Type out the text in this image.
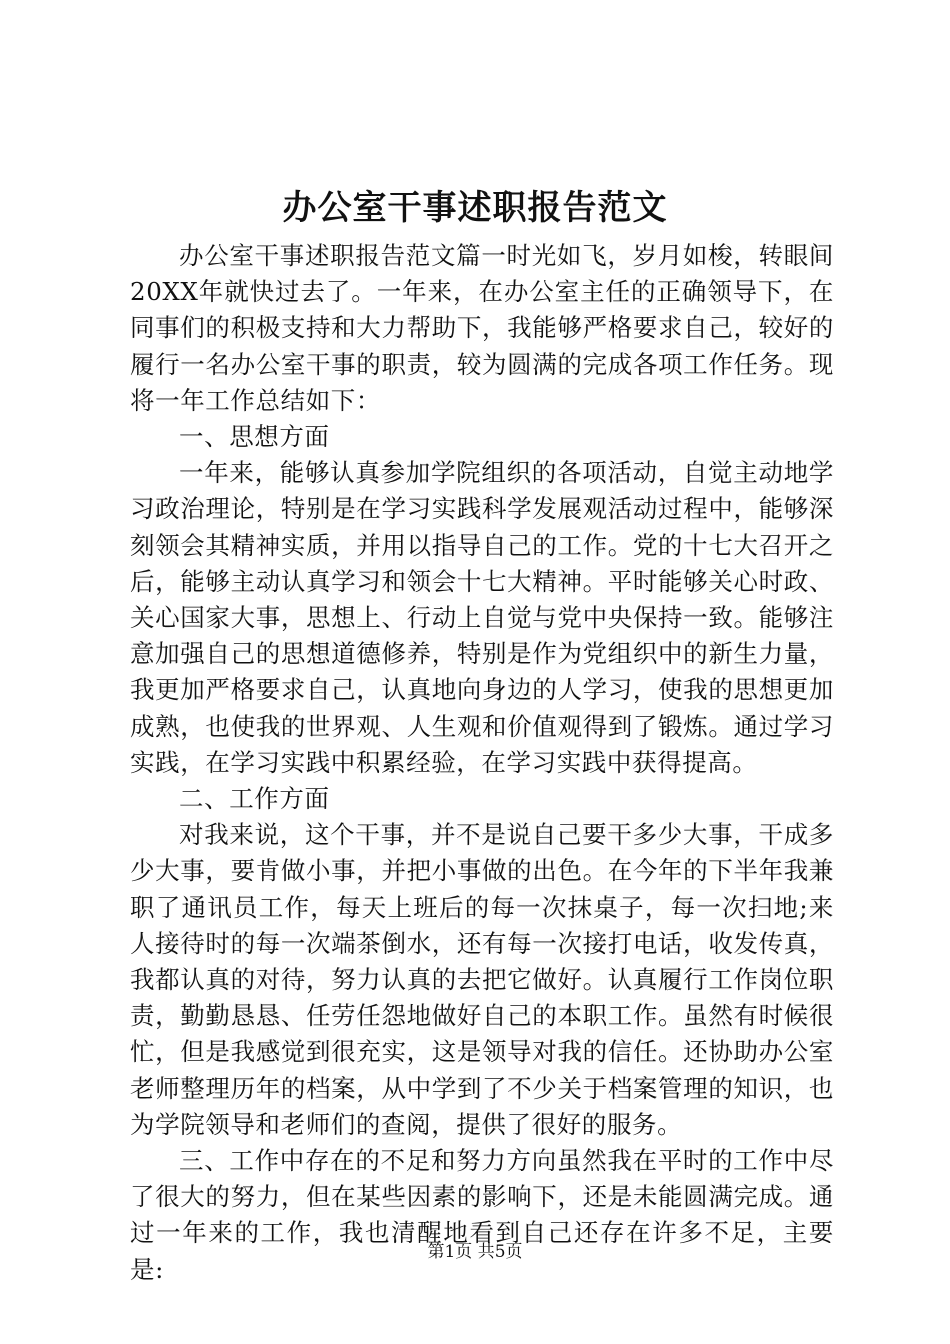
办公室干事述职报告范文

办公室干事述职报告范文篇一时光如飞，岁月如梭，转眼间20XX年就快过去了。一年来，在办公室主任的正确领导下，在同事们的积极支持和大力帮助下，我能够严格要求自己，较好的履行一名办公室干事的职责，较为圆满的完成各项工作任务。现将一年工作总结如下：

一、思想方面

一年来，能够认真参加学院组织的各项活动，自觉主动地学习政治理论，特别是在学习实践科学发展观活动过程中，能够深刻领会其精神实质，并用以指导自己的工作。党的十七大召开之后，能够主动认真学习和领会十七大精神。平时能够关心时政、关心国家大事，思想上、行动上自觉与党中央保持一致。能够注意加强自己的思想道德修养，特别是作为党组织中的新生力量，我更加严格要求自己，认真地向身边的人学习，使我的思想更加成熟，也使我的世界观、人生观和价值观得到了锻炼。通过学习实践，在学习实践中积累经验，在学习实践中获得提高。

二、工作方面

对我来说，这个干事，并不是说自己要干多少大事，干成多少大事，要肯做小事，并把小事做的出色。在今年的下半年我兼职了通讯员工作，每天上班后的每一次抹桌子，每一次扫地;来人接待时的每一次端茶倒水，还有每一次接打电话，收发传真，我都认真的对待，努力认真的去把它做好。认真履行工作岗位职责，勤勤恳恳、任劳任怨地做好自己的本职工作。虽然有时候很忙，但是我感觉到很充实，这是领导对我的信任。还协助办公室老师整理历年的档案，从中学到了不少关于档案管理的知识，也为学院领导和老师们的查阅，提供了很好的服务。

三、工作中存在的不足和努力方向虽然我在平时的工作中尽了很大的努力，但在某些因素的影响下，还是未能圆满完成。通过一年来的工作，我也清醒地看到自己还存在许多不足，主要是:

第1页 共5页
